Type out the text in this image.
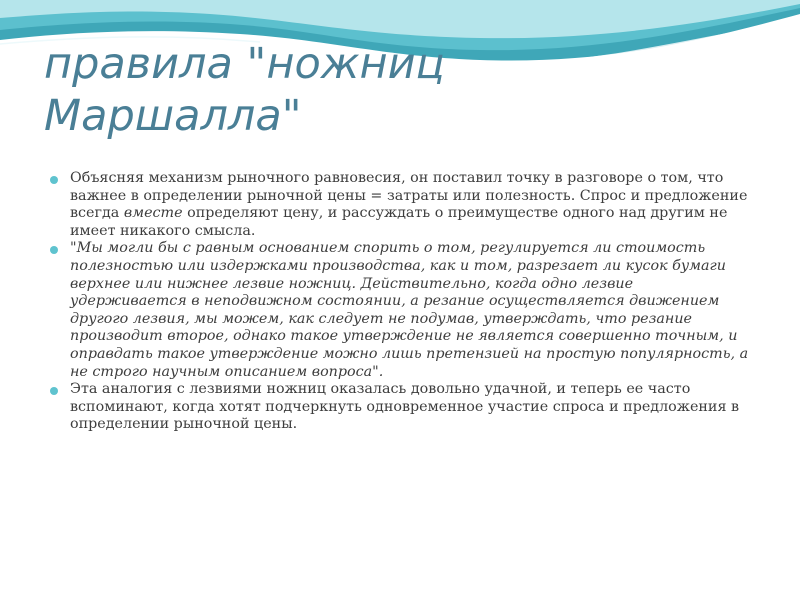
правила "ножниц
Маршалла"
Объясняя механизм рыночного равновесия, он поставил точку в разговоре о том, что важнее в определении рыночной цены = затраты или полезность. Спрос и предложение всегда вместе определяют цену, и рассуждать о преимуществе одного над другим не имеет никакого смысла.
"Мы могли бы с равным основанием спорить о том, регулируется ли стоимость полезностью или издержками производства, как и том, разрезает ли кусок бумаги верхнее или нижнее лезвие ножниц. Действительно, когда одно лезвие удерживается в неподвижном состоянии, а резание осуществляется движением другого лезвия, мы можем, как следует не подумав, утверждать, что резание производит второе, однако такое утверждение не является совершенно точным, и оправдать такое утверждение можно лишь претензией на простую популярность, а не строго научным описанием вопроса".
Эта аналогия с лезвиями ножниц оказалась довольно удачной, и теперь ее часто вспоминают, когда хотят подчеркнуть одновременное участие спроса и предложения в определении рыночной цены.
